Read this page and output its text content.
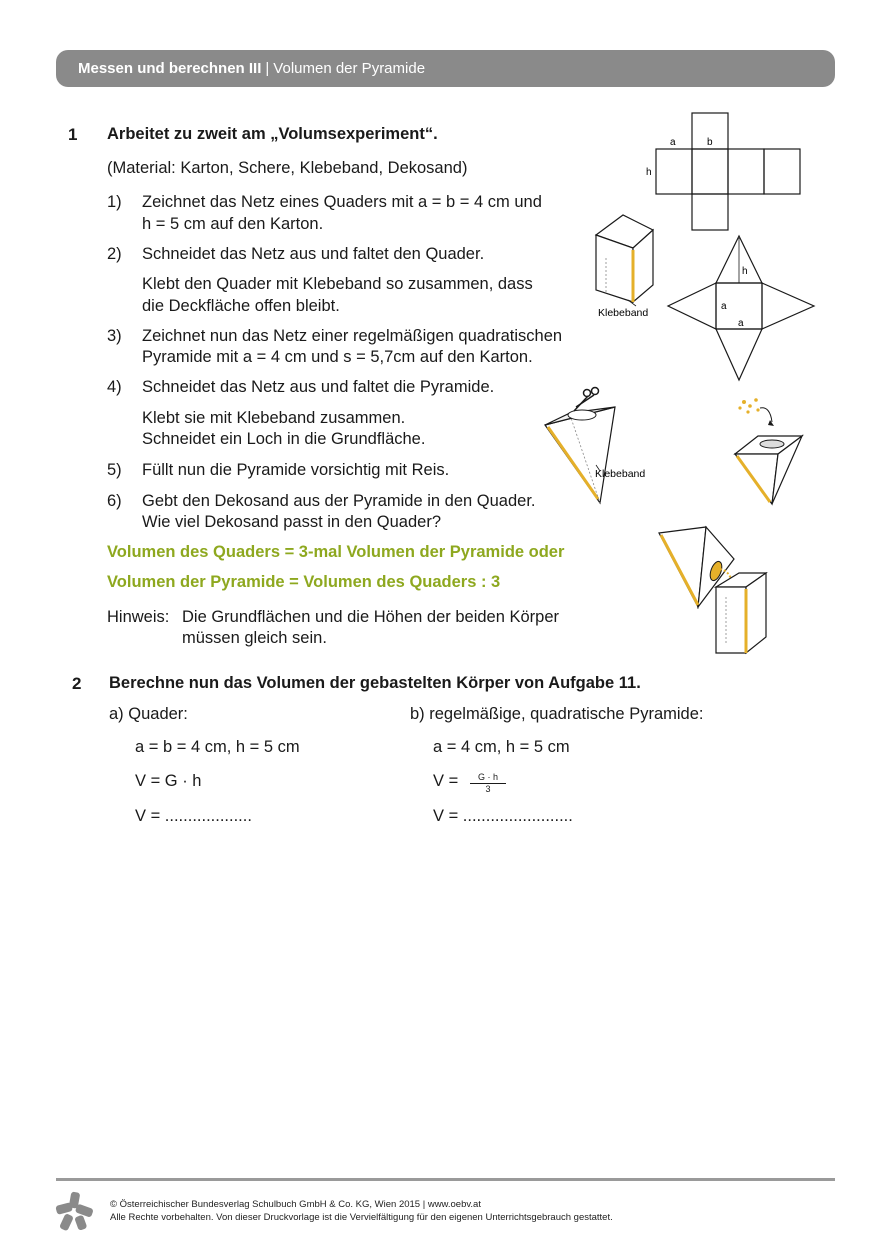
Messen und berechnen III | Volumen der Pyramide
1 Arbeitet zu zweit am „Volumsexperiment“.
(Material: Karton, Schere, Klebeband, Dekosand)
1) Zeichnet das Netz eines Quaders mit a = b = 4 cm und
h = 5 cm auf den Karton.
2) Schneidet das Netz aus und faltet den Quader.
Klebt den Quader mit Klebeband so zusammen, dass
die Deckfläche offen bleibt.
3) Zeichnet nun das Netz einer regelmäßigen quadratischen
Pyramide mit a = 4 cm und s = 5,7cm auf den Karton.
4) Schneidet das Netz aus und faltet die Pyramide.
Klebt sie mit Klebeband zusammen.
Schneidet ein Loch in die Grundfläche.
5) Füllt nun die Pyramide vorsichtig mit Reis.
6) Gebt den Dekosand aus der Pyramide in den Quader.
Wie viel Dekosand passt in den Quader?
Volumen des Quaders = 3-mal Volumen der Pyramide oder
Volumen der Pyramide = Volumen des Quaders : 3
Hinweis: Die Grundflächen und die Höhen der beiden Körper
müssen gleich sein.
a	b
h
Klebeband
h
a
a
Klebeband
2 Berechne nun das Volumen der gebastelten Körper von Aufgabe 11.
a) Quader:
a = b = 4 cm, h = 5 cm
V = G · h
V = ...................
b) regelmäßige, quadratische Pyramide:
a = 4 cm, h = 5 cm
$V = \frac{G \cdot h}{3}$
V = ........................
© Österreichischer Bundesverlag Schulbuch GmbH & Co. KG, Wien 2015 | www.oebv.at
Alle Rechte vorbehalten. Von dieser Druckvorlage ist die Vervielfältigung für den eigenen Unterrichtsgebrauch gestattet.
